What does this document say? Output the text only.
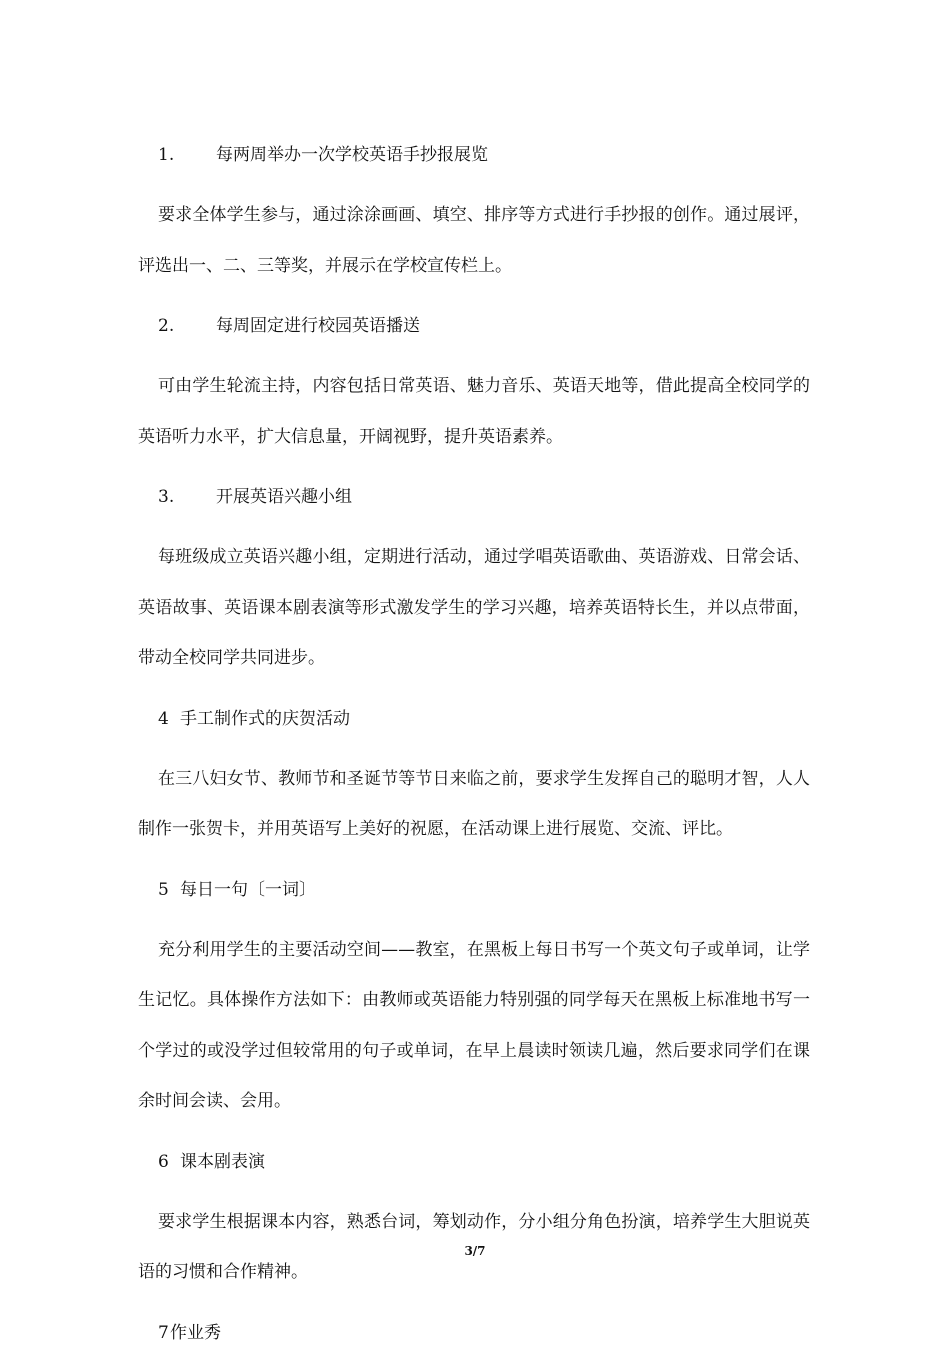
1. 每两周举办一次学校英语手抄报展览

要求全体学生参与，通过涂涂画画、填空、排序等方式进行手抄报的创作。通过展评，评选出一、二、三等奖，并展示在学校宣传栏上。

2. 每周固定进行校园英语播送

可由学生轮流主持，内容包括日常英语、魅力音乐、英语天地等，借此提高全校同学的英语听力水平，扩大信息量，开阔视野，提升英语素养。

3. 开展英语兴趣小组

每班级成立英语兴趣小组，定期进行活动，通过学唱英语歌曲、英语游戏、日常会话、英语故事、英语课本剧表演等形式激发学生的学习兴趣，培养英语特长生，并以点带面，带动全校同学共同进步。

4 手工制作式的庆贺活动

在三八妇女节、教师节和圣诞节等节日来临之前，要求学生发挥自己的聪明才智，人人制作一张贺卡，并用英语写上美好的祝愿，在活动课上进行展览、交流、评比。

5 每日一句〔一词〕

充分利用学生的主要活动空间——教室，在黑板上每日书写一个英文句子或单词，让学生记忆。具体操作方法如下：由教师或英语能力特别强的同学每天在黑板上标准地书写一个学过的或没学过但较常用的句子或单词，在早上晨读时领读几遍，然后要求同学们在课余时间会读、会用。

6 课本剧表演

要求学生根据课本内容，熟悉台词，筹划动作，分小组分角色扮演，培养学生大胆说英语的习惯和合作精神。

7作业秀
3/7
